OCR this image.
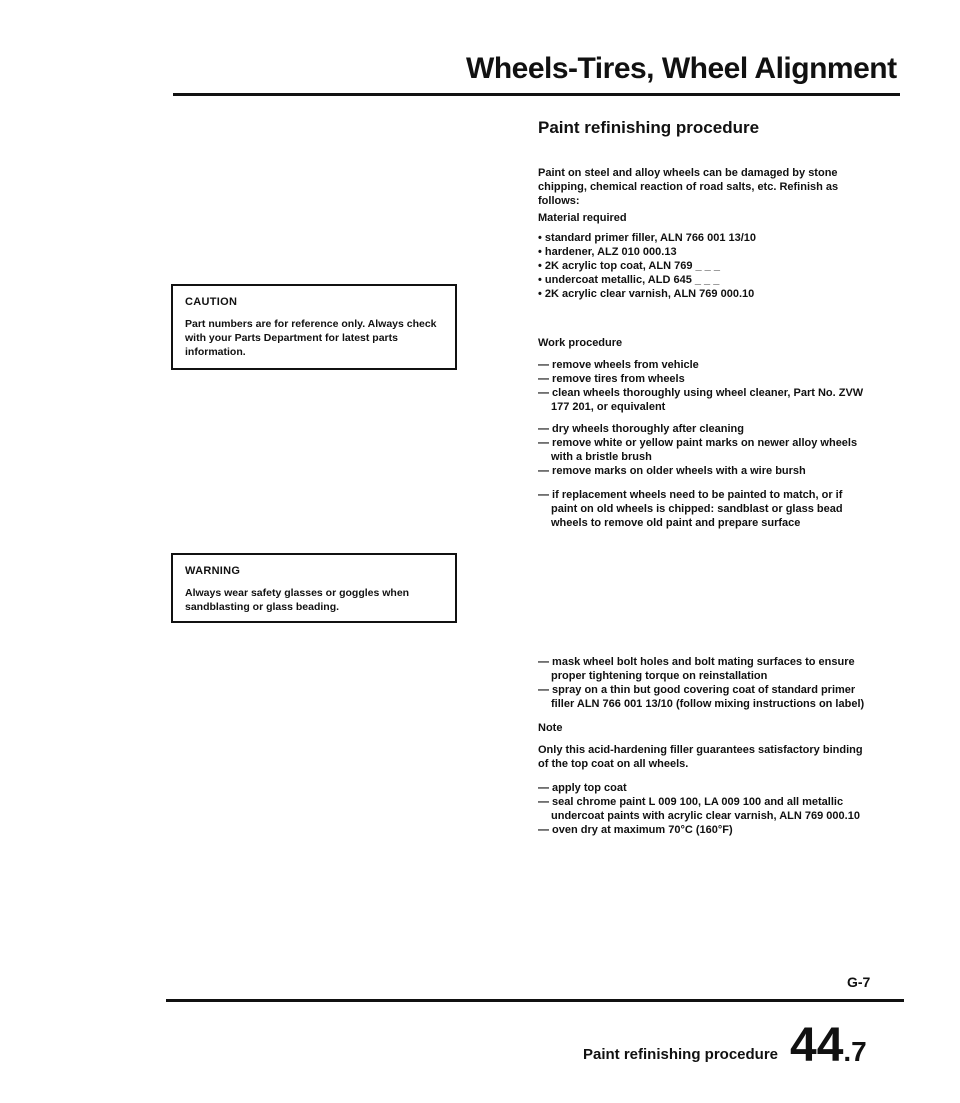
Wheels-Tires, Wheel Alignment
Paint refinishing procedure

Paint on steel and alloy wheels can be damaged by stone chipping, chemical reaction of road salts, etc. Refinish as follows:

Material required

• standard primer filler, ALN 766 001 13/10

• hardener, ALZ 010 000.13

• 2K acrylic top coat, ALN 769 _ _ _

• undercoat metallic, ALD 645 _ _ _

• 2K acrylic clear varnish, ALN 769 000.10

Work procedure

— remove wheels from vehicle

— remove tires from wheels

— clean wheels thoroughly using wheel cleaner, Part No. ZVW 177 201, or equivalent

— dry wheels thoroughly after cleaning

— remove white or yellow paint marks on newer alloy wheels with a bristle brush

— remove marks on older wheels with a wire bursh

— if replacement wheels need to be painted to match, or if paint on old wheels is chipped: sandblast or glass bead wheels to remove old paint and prepare surface

— mask wheel bolt holes and bolt mating surfaces to ensure proper tightening torque on reinstallation

— spray on a thin but good covering coat of standard primer filler ALN 766 001 13/10 (follow mixing instructions on label)

Note

Only this acid-hardening filler guarantees satisfactory binding of the top coat on all wheels.

— apply top coat

— seal chrome paint L 009 100, LA 009 100 and all metallic undercoat paints with acrylic clear varnish, ALN 769 000.10

— oven dry at maximum 70°C (160°F)

CAUTION
Part numbers are for reference only. Always check with your Parts Department for latest parts information.
WARNING
Always wear safety glasses or goggles when sandblasting or glass beading.
G-7
Paint refinishing procedure 44.7
